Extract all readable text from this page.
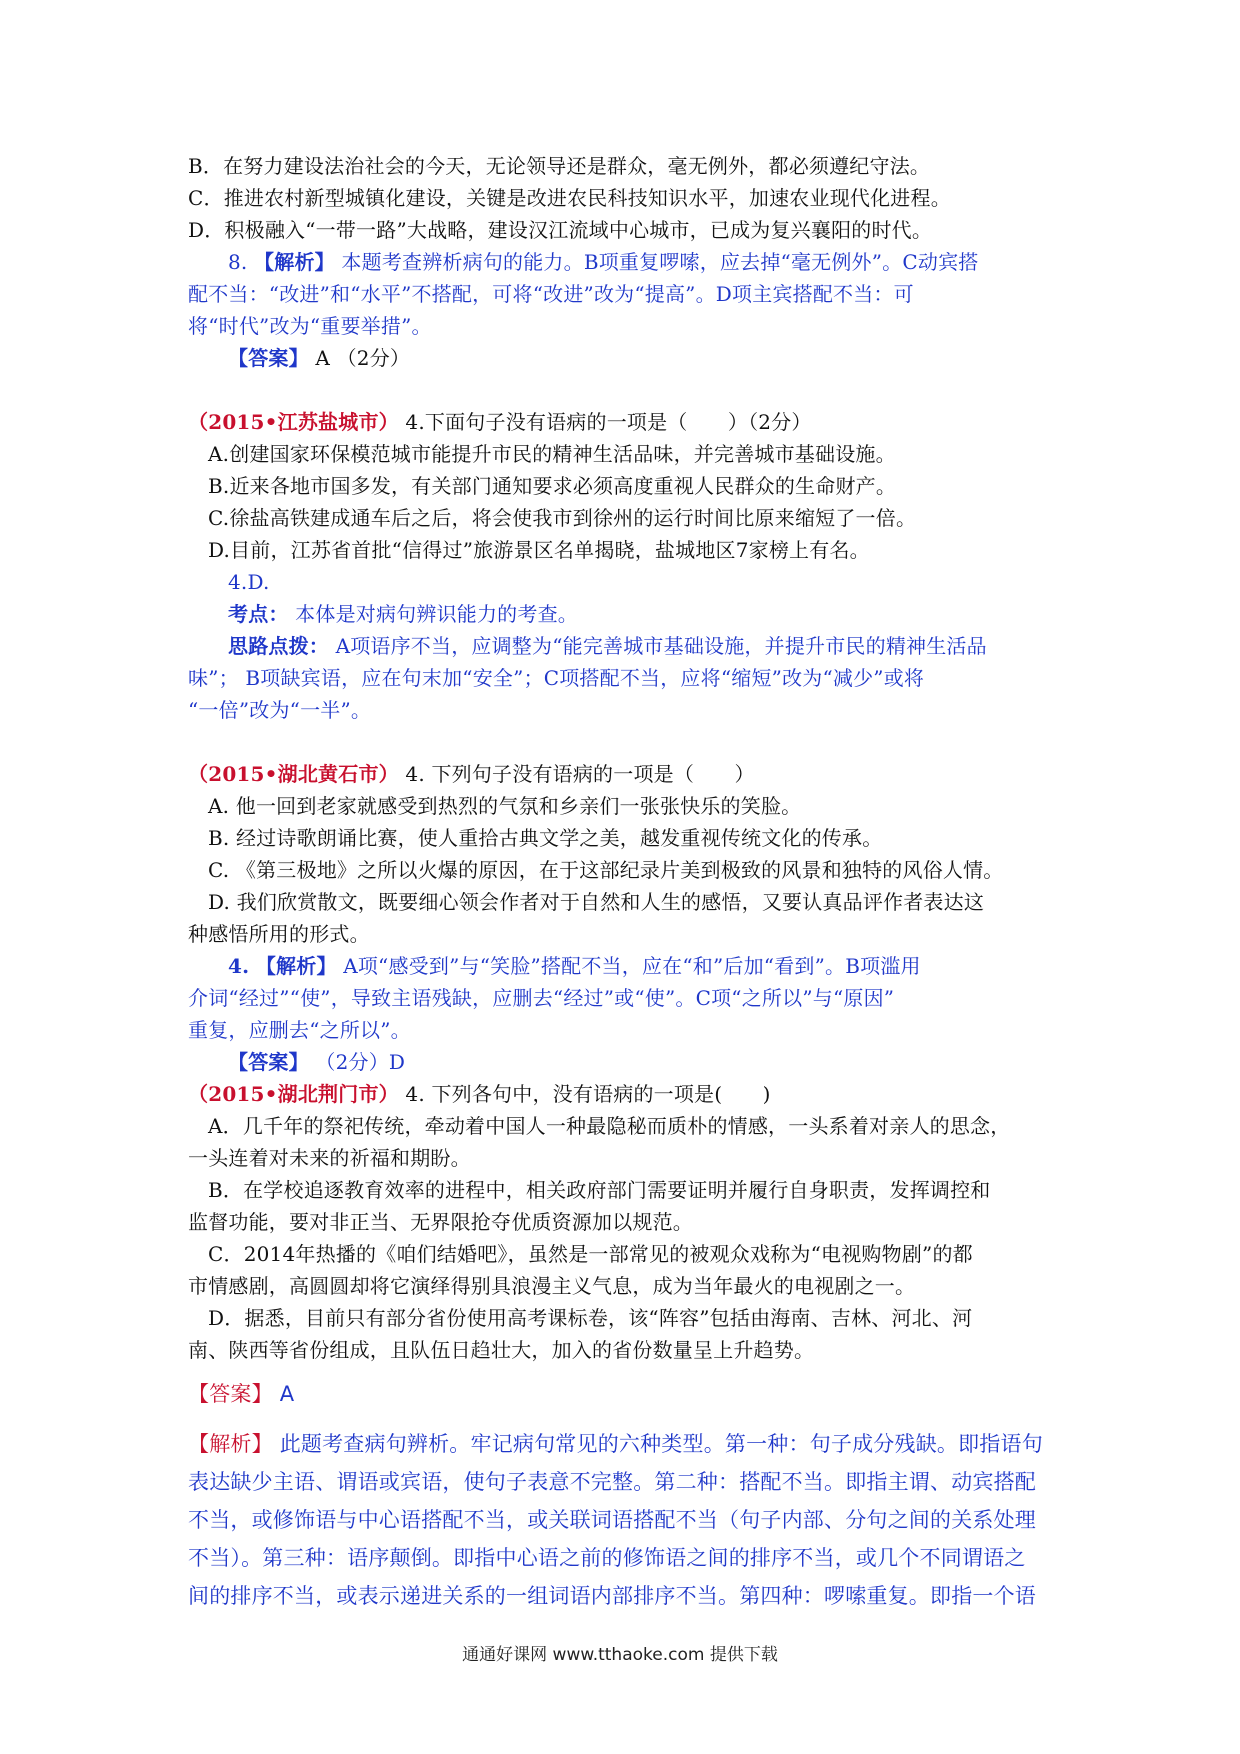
B．在努力建设法治社会的今天，无论领导还是群众，毫无例外，都必须遵纪守法。
C．推进农村新型城镇化建设，关键是改进农民科技知识水平，加速农业现代化进程。
D．积极融入“一带一路”大战略，建设汉江流域中心城市，已成为复兴襄阳的时代。
8. 【解析】 本题考查辨析病句的能力。B项重复啰嗦，应去掉“毫无例外”。C动宾搭
配不当：“改进”和“水平”不搭配，可将“改进”改为“提高”。D项主宾搭配不当：可
将“时代”改为“重要举措”。
【答案】 A （2分）
（2015•江苏盐城市） 4.下面句子没有语病的一项是（　　）（2分）
A.创建国家环保模范城市能提升市民的精神生活品味，并完善城市基础设施。
B.近来各地市国多发，有关部门通知要求必须高度重视人民群众的生命财产。
C.徐盐高铁建成通车后之后，将会使我市到徐州的运行时间比原来缩短了一倍。
D.目前，江苏省首批“信得过”旅游景区名单揭晓，盐城地区7家榜上有名。
4.D.
考点： 本体是对病句辨识能力的考查。
思路点拨： A项语序不当，应调整为“能完善城市基础设施，并提升市民的精神生活品
味”； B项缺宾语，应在句末加“安全”；C项搭配不当，应将“缩短”改为“减少”或将
“一倍”改为“一半”。
（2015•湖北黄石市） 4. 下列句子没有语病的一项是（　　）
A. 他一回到老家就感受到热烈的气氛和乡亲们一张张快乐的笑脸。
B. 经过诗歌朗诵比赛，使人重拾古典文学之美，越发重视传统文化的传承。
C. 《第三极地》之所以火爆的原因，在于这部纪录片美到极致的风景和独特的风俗人情。
D. 我们欣赏散文，既要细心领会作者对于自然和人生的感悟，又要认真品评作者表达这
种感悟所用的形式。
4. 【解析】 A项“感受到”与“笑脸”搭配不当，应在“和”后加“看到”。B项滥用
介词“经过”“使”，导致主语残缺，应删去“经过”或“使”。C项“之所以”与“原因”
重复，应删去“之所以”。
【答案】 （2分）D
（2015•湖北荆门市） 4. 下列各句中，没有语病的一项是(　　)
A．几千年的祭祀传统，牵动着中国人一种最隐秘而质朴的情感，一头系着对亲人的思念，
一头连着对未来的祈福和期盼。
B．在学校追逐教育效率的进程中，相关政府部门需要证明并履行自身职责，发挥调控和
监督功能，要对非正当、无界限抢夺优质资源加以规范。
C．2014年热播的《咱们结婚吧》，虽然是一部常见的被观众戏称为“电视购物剧”的都
市情感剧，高圆圆却将它演绎得别具浪漫主义气息，成为当年最火的电视剧之一。
D．据悉，目前只有部分省份使用高考课标卷，该“阵容”包括由海南、吉林、河北、河
南、陕西等省份组成，且队伍日趋壮大，加入的省份数量呈上升趋势。
【答案】 A
【解析】 此题考查病句辨析。牢记病句常见的六种类型。第一种：句子成分残缺。即指语句
表达缺少主语、谓语或宾语，使句子表意不完整。第二种：搭配不当。即指主谓、动宾搭配
不当，或修饰语与中心语搭配不当，或关联词语搭配不当（句子内部、分句之间的关系处理
不当）。第三种：语序颠倒。即指中心语之前的修饰语之间的排序不当，或几个不同谓语之
间的排序不当，或表示递进关系的一组词语内部排序不当。第四种：啰嗦重复。即指一个语
通通好课网 www.tthaoke.com 提供下载
